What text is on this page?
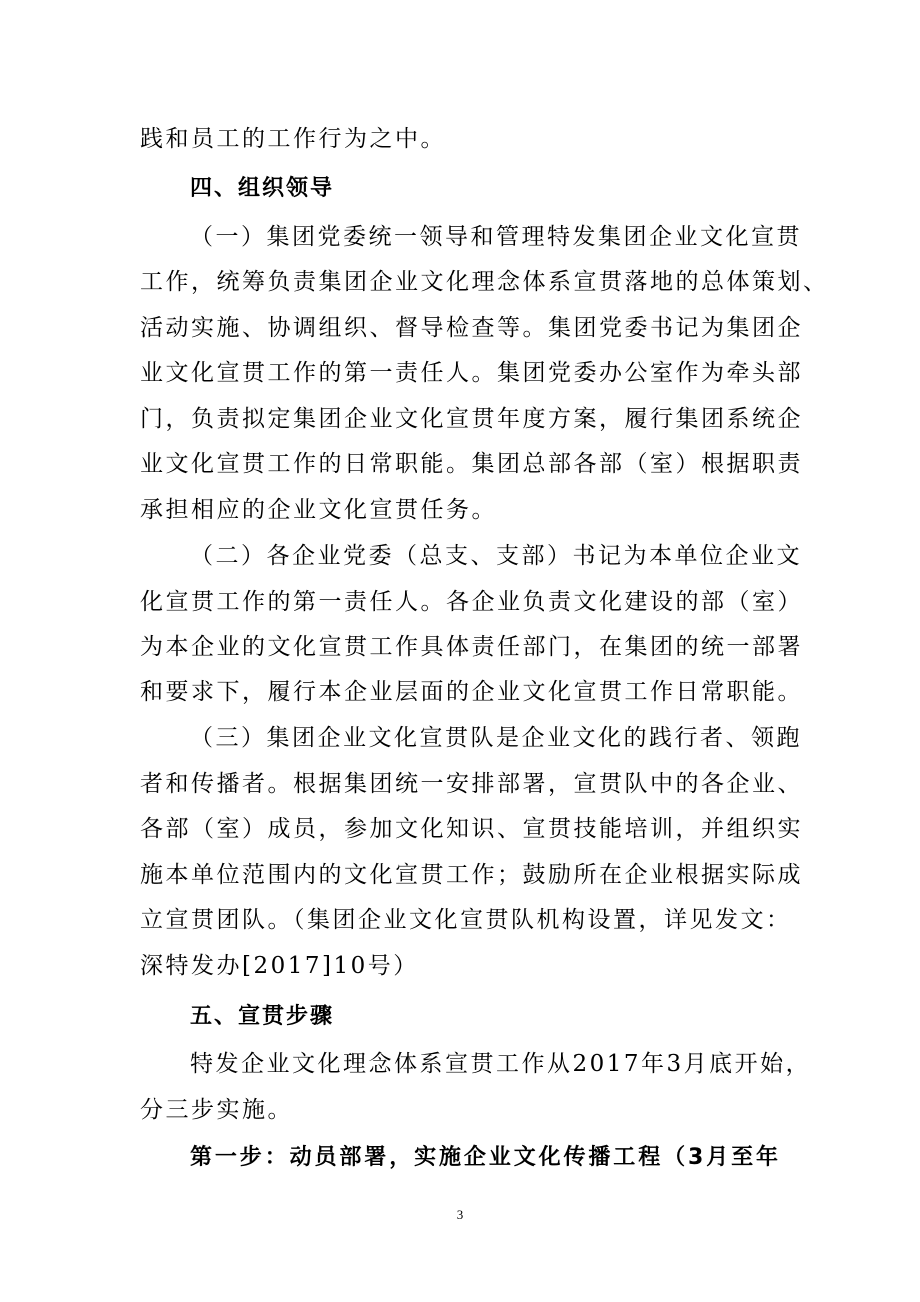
践和员工的工作行为之中。
四、组织领导
（一）集团党委统一领导和管理特发集团企业文化宣贯
工作，统筹负责集团企业文化理念体系宣贯落地的总体策划、
活动实施、协调组织、督导检查等。集团党委书记为集团企
业文化宣贯工作的第一责任人。集团党委办公室作为牵头部
门，负责拟定集团企业文化宣贯年度方案，履行集团系统企
业文化宣贯工作的日常职能。集团总部各部（室）根据职责
承担相应的企业文化宣贯任务。
（二）各企业党委（总支、支部）书记为本单位企业文
化宣贯工作的第一责任人。各企业负责文化建设的部（室）
为本企业的文化宣贯工作具体责任部门，在集团的统一部署
和要求下，履行本企业层面的企业文化宣贯工作日常职能。
（三）集团企业文化宣贯队是企业文化的践行者、领跑
者和传播者。根据集团统一安排部署，宣贯队中的各企业、
各部（室）成员，参加文化知识、宣贯技能培训，并组织实
施本单位范围内的文化宣贯工作；鼓励所在企业根据实际成
立宣贯团队。（集团企业文化宣贯队机构设置，详见发文：
深特发办[2017]10号）
五、宣贯步骤
特发企业文化理念体系宣贯工作从2017年3月底开始，
分三步实施。
第一步：动员部署，实施企业文化传播工程（3月至年
3
